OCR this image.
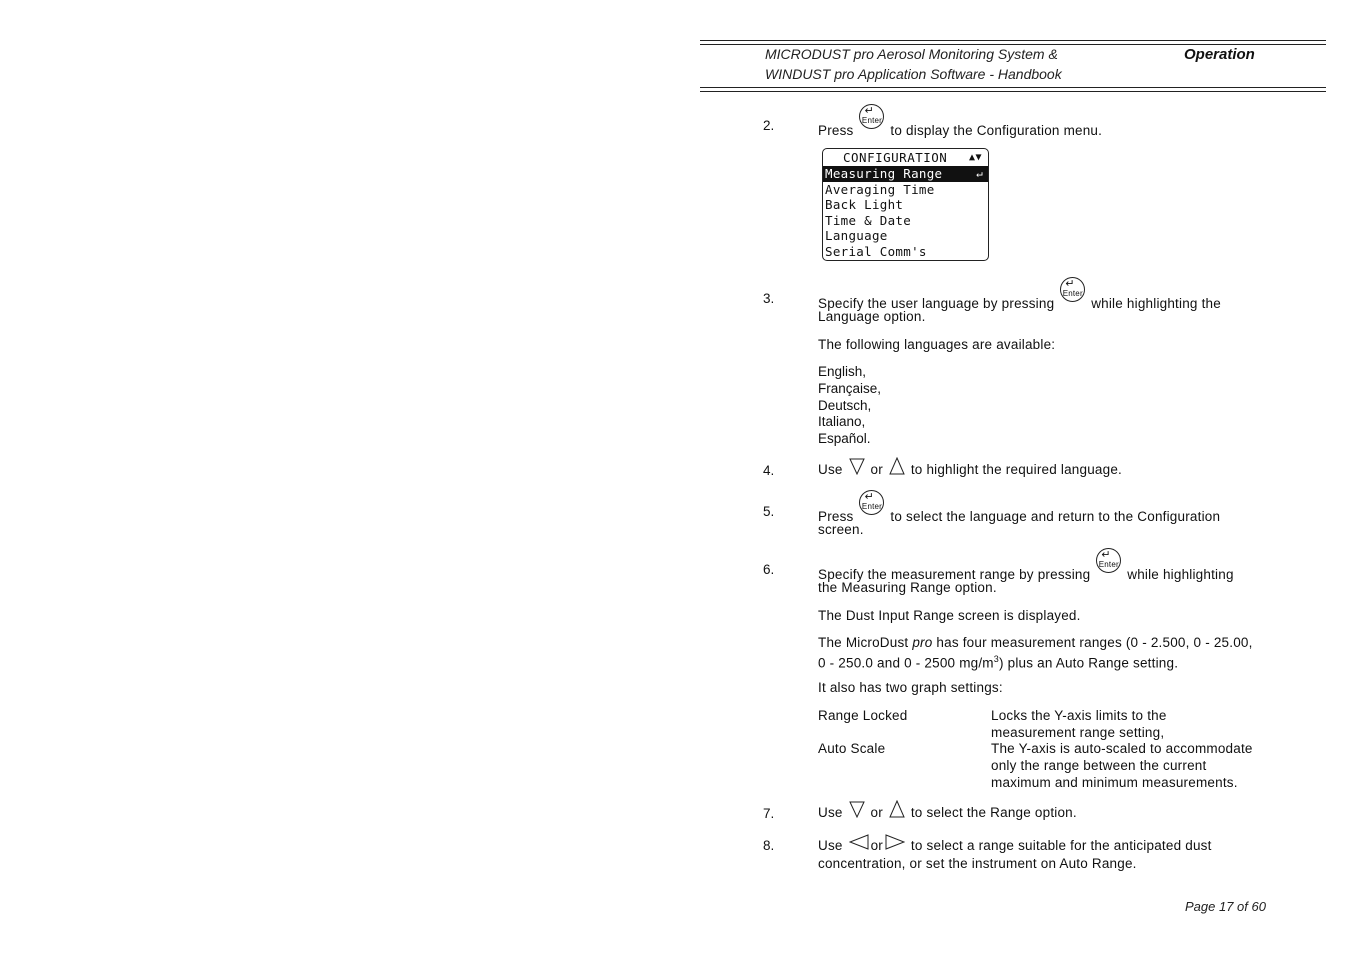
MICRODUST pro Aerosol Monitoring System &
WINDUST pro Application Software - Handbook
Operation
2.	Press
↵
Enter
to display the Configuration menu.
CONFIGURATION ▲▼
Measuring Range	↵
Averaging Time
Back Light
Time & Date
Language
Serial Comm's
3.	Specify the user language by pressing
↵
Enter
while highlighting the
Language option.
The following languages are available:
English,
Française,
Deutsch,
Italiano,
Español.
4.	Use or to highlight the required language.
5.	Press
↵
Enter
to select the language and return to the Configuration
screen.
6.	Specify the measurement range by pressing
↵
Enter
while highlighting
the Measuring Range option.
The Dust Input Range screen is displayed.
The MicroDust pro has four measurement ranges (0 - 2.500, 0 - 25.00,
0 - 250.0 and 0 - 2500 $mg/m^3$) plus an Auto Range setting.
It also has two graph settings:
Range Locked	Locks the Y-axis limits to the
measurement range setting,
Auto Scale	The Y-axis is auto-scaled to accommodate
only the range between the current
maximum and minimum measurements.
7.	Use or to select the Range option.
8.	Use or to select a range suitable for the anticipated dust
concentration, or set the instrument on Auto Range.
Page 17 of 60
